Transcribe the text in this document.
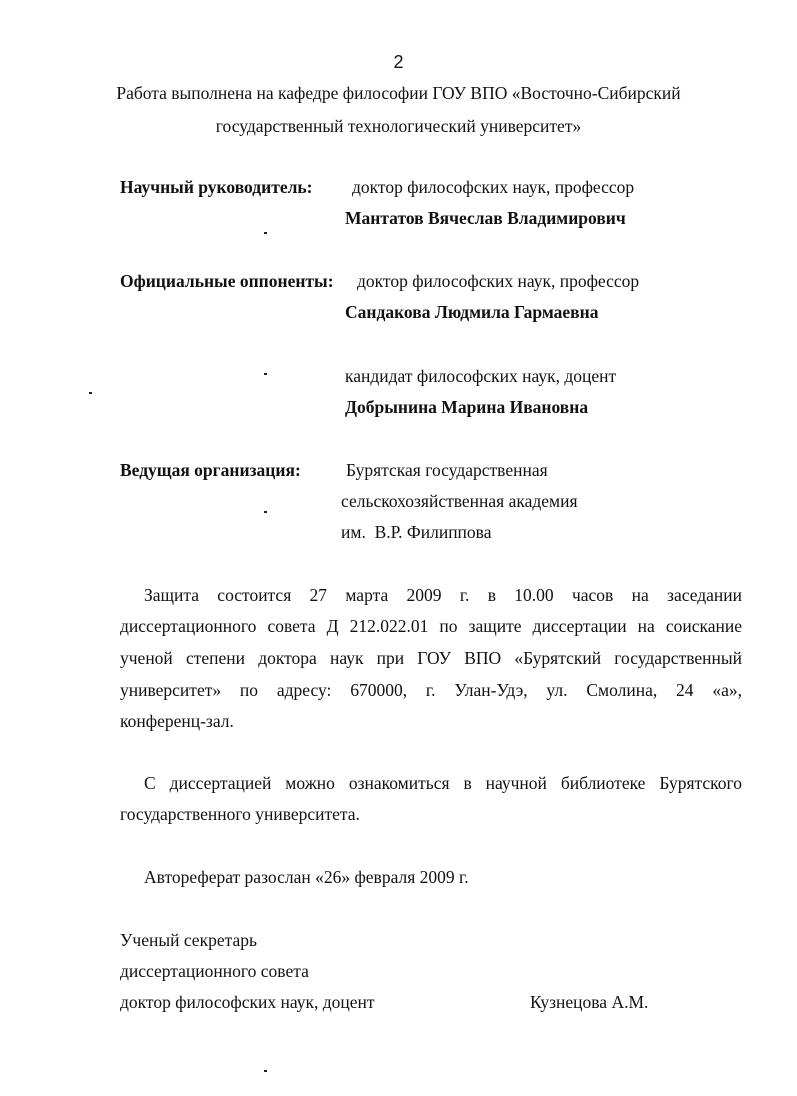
2
Работа выполнена на кафедре философии ГОУ ВПО «Восточно-Сибирский
государственный технологический университет»
Научный руководитель: доктор философских наук, профессор
Мантатов Вячеслав Владимирович
Официальные оппоненты: доктор философских наук, профессор
Сандакова Людмила Гармаевна
кандидат философских наук, доцент
Добрынина Марина Ивановна
Ведущая организация:	Бурятская государственная
сельскохозяйственная академия
им.  В.Р. Филиппова
Защита состоится 27 марта 2009 г. в 10.00 часов на заседании
диссертационного совета Д 212.022.01 по защите диссертации на соискание
ученой степени доктора наук при ГОУ ВПО «Бурятский государственный
университет» по адресу: 670000, г. Улан-Удэ, ул. Смолина, 24 «а»,
конференц-зал.
С диссертацией можно ознакомиться в научной библиотеке Бурятского
государственного университета.
Автореферат разослан «26» февраля 2009 г.
Ученый секретарь
диссертационного совета
доктор философских наук, доцент	Кузнецова А.М.
